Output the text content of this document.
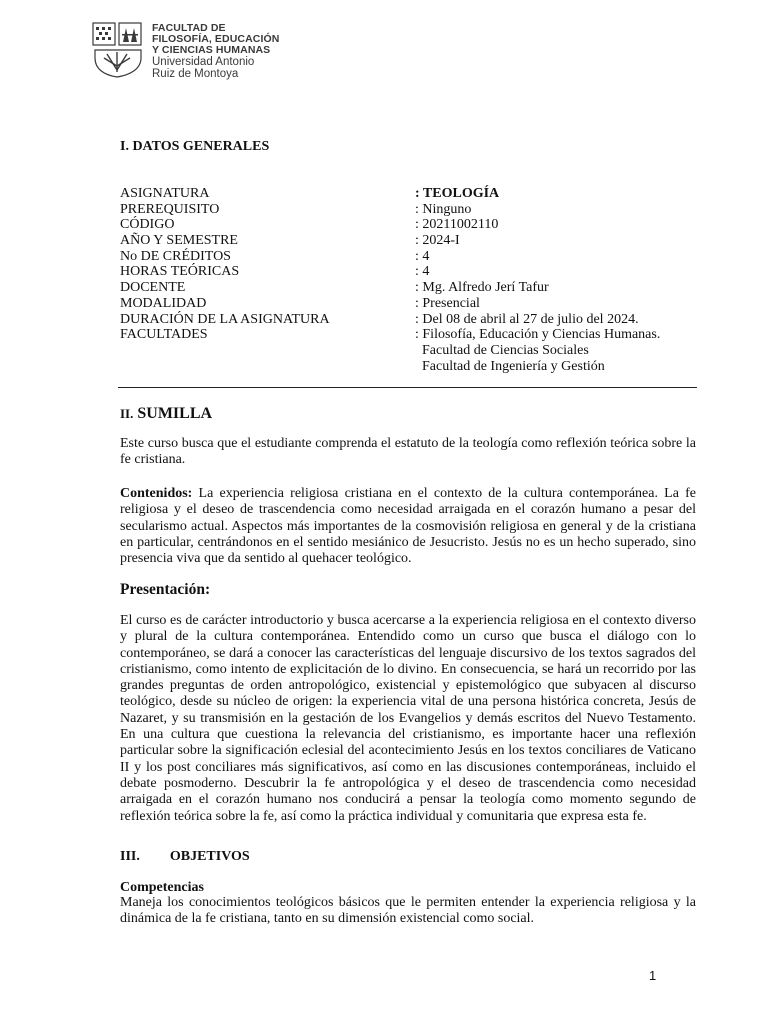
FACULTAD DE
FILOSOFÍA, EDUCACIÓN
Y CIENCIAS HUMANAS
Universidad Antonio
Ruiz de Montoya
I. DATOS GENERALES
ASIGNATURA	: TEOLOGÍA
PREREQUISITO	: Ninguno
CÓDIGO	: 20211002110
AÑO Y SEMESTRE	: 2024-I
No DE CRÉDITOS	: 4
HORAS TEÓRICAS	: 4
DOCENTE	: Mg. Alfredo Jerí Tafur
MODALIDAD	: Presencial
DURACIÓN DE LA ASIGNATURA	: Del 08 de abril al 27 de julio del 2024.
FACULTADES	: Filosofía, Educación y Ciencias Humanas.
Facultad de Ciencias Sociales
Facultad de Ingeniería y Gestión
II. SUMILLA

Este curso busca que el estudiante comprenda el estatuto de la teología como reflexión teórica sobre la fe cristiana.

Contenidos: La experiencia religiosa cristiana en el contexto de la cultura contemporánea. La fe religiosa y el deseo de trascendencia como necesidad arraigada en el corazón humano a pesar del secularismo actual. Aspectos más importantes de la cosmovisión religiosa en general y de la cristiana en particular, centrándonos en el sentido mesiánico de Jesucristo. Jesús no es un hecho superado, sino presencia viva que da sentido al quehacer teológico.

Presentación:

El curso es de carácter introductorio y busca acercarse a la experiencia religiosa en el contexto diverso y plural de la cultura contemporánea. Entendido como un curso que busca el diálogo con lo contemporáneo, se dará a conocer las características del lenguaje discursivo de los textos sagrados del cristianismo, como intento de explicitación de lo divino. En consecuencia, se hará un recorrido por las grandes preguntas de orden antropológico, existencial y epistemológico que subyacen al discurso teológico, desde su núcleo de origen: la experiencia vital de una persona histórica concreta, Jesús de Nazaret, y su transmisión en la gestación de los Evangelios y demás escritos del Nuevo Testamento. En una cultura que cuestiona la relevancia del cristianismo, es importante hacer una reflexión particular sobre la significación eclesial del acontecimiento Jesús en los textos conciliares de Vaticano II y los post conciliares más significativos, así como en las discusiones contemporáneas, incluido el debate posmoderno. Descubrir la fe antropológica y el deseo de trascendencia como necesidad arraigada en el corazón humano nos conducirá a pensar la teología como momento segundo de reflexión teórica sobre la fe, así como la práctica individual y comunitaria que expresa esta fe.

III. OBJETIVOS
Competencias

Maneja los conocimientos teológicos básicos que le permiten entender la experiencia religiosa y la dinámica de la fe cristiana, tanto en su dimensión existencial como social.

1
